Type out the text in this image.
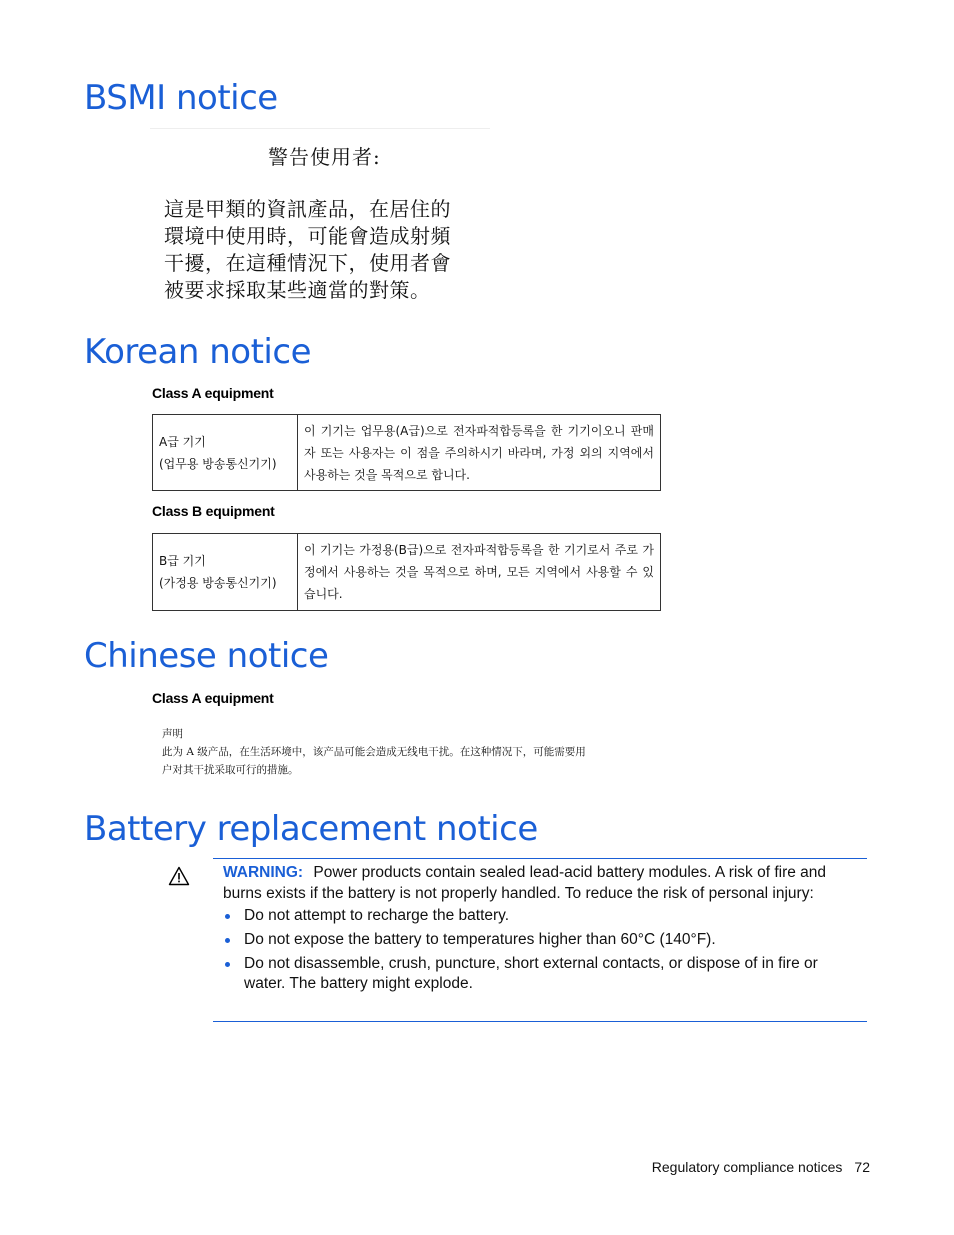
BSMI notice
警告使用者:
這是甲類的資訊產品，在居住的
環境中使用時，可能會造成射頻
干擾，在這種情況下，使用者會
被要求採取某些適當的對策。
Korean notice
Class A equipment
A급 기기
(업무용 방송통신기기)
	이 기기는 업무용(A급)으로 전자파적합등록을 한 기기이오니 판매자 또는 사용자는 이 점을 주의하시기 바라며, 가정 외의 지역에서 사용하는 것을 목적으로 합니다.
Class B equipment
B급 기기
(가정용 방송통신기기)
	이 기기는 가정용(B급)으로 전자파적합등록을 한 기기로서 주로 가정에서 사용하는 것을 목적으로 하며, 모든 지역에서 사용할 수 있습니다.
Chinese notice
Class A equipment
声明
此为 A 级产品，在生活环境中，该产品可能会造成无线电干扰。在这种情况下，可能需要用
户对其干扰采取可行的措施。
Battery replacement notice
WARNING: Power products contain sealed lead-acid battery modules. A risk of fire and burns exists if the battery is not properly handled. To reduce the risk of personal injury:
Do not attempt to recharge the battery.
Do not expose the battery to temperatures higher than 60°C (140°F).
Do not disassemble, crush, puncture, short external contacts, or dispose of in fire or water. The battery might explode.
Regulatory compliance notices 72
